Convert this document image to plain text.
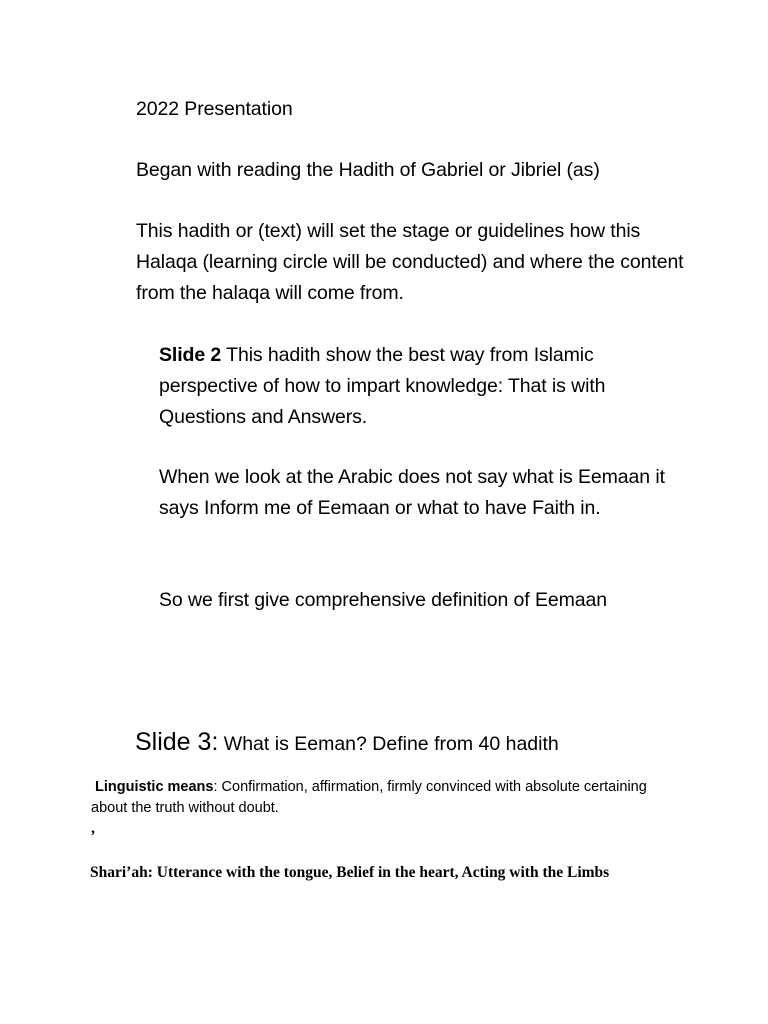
2022 Presentation

Began with reading the Hadith of Gabriel or Jibriel (as)

This hadith or (text) will set the stage or guidelines how this Halaqa (learning circle will be conducted) and where the content from the halaqa will come from.

Slide 2 This hadith show the best way from Islamic perspective of how to impart knowledge: That is with Questions and Answers.

When we look at the Arabic does not say what is Eemaan it says Inform me of Eemaan or what to have Faith in.

So we first give comprehensive definition of Eemaan

Slide 3: What is Eeman? Define from 40 hadith

Linguistic means: Confirmation, affirmation, firmly convinced with absolute certaining about the truth without doubt.

,

Shari’ah: Utterance with the tongue, Belief in the heart, Acting with the Limbs
